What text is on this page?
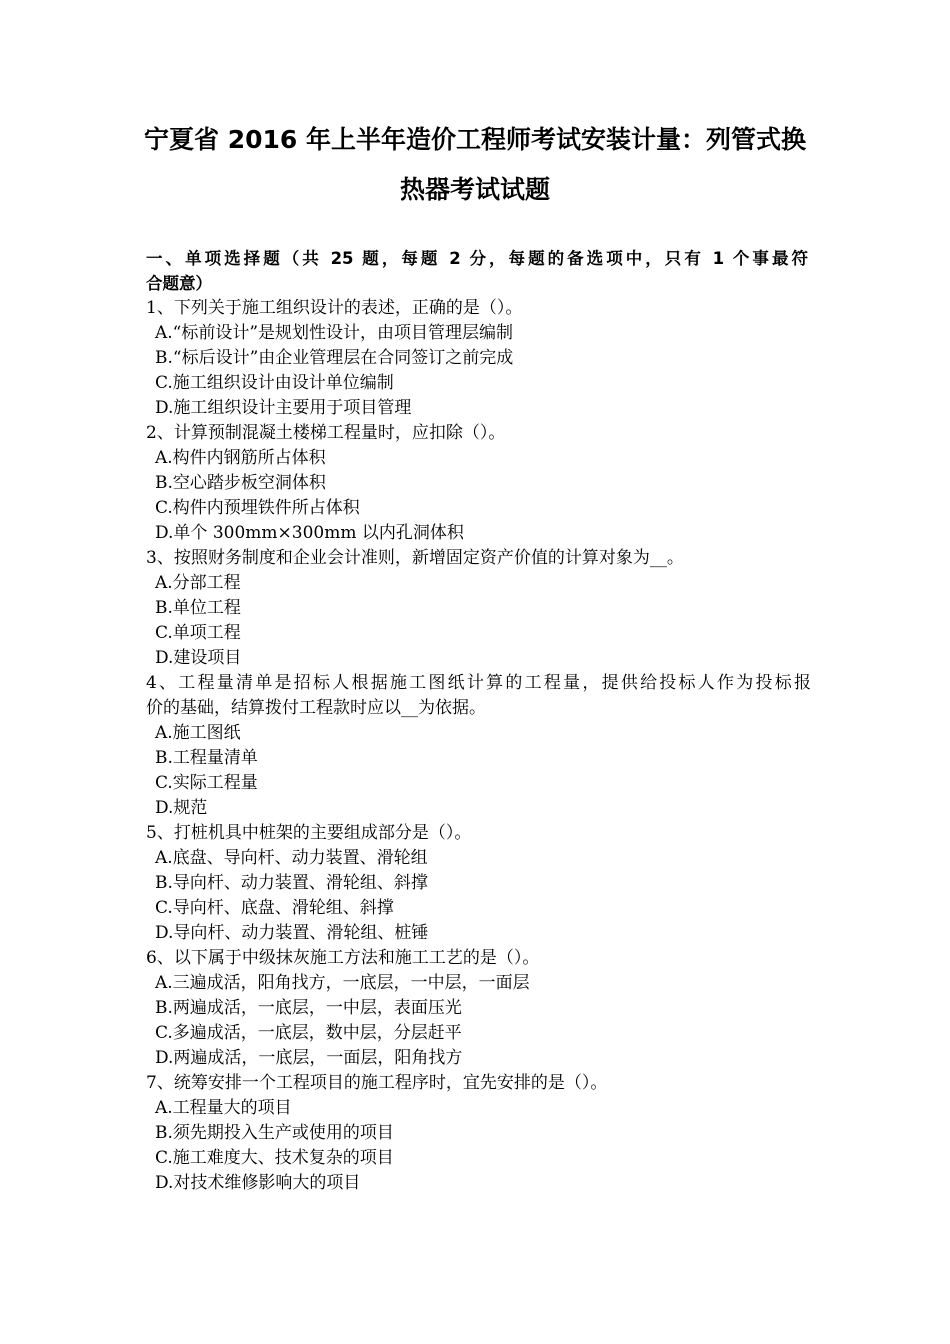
宁夏省 2016 年上半年造价工程师考试安装计量：列管式换
热器考试试题
一、单项选择题（共 25 题，每题 2 分，每题的备选项中，只有 1 个事最符
合题意）
1、下列关于施工组织设计的表述，正确的是（）。
A.“标前设计”是规划性设计，由项目管理层编制
B.“标后设计”由企业管理层在合同签订之前完成
C.施工组织设计由设计单位编制
D.施工组织设计主要用于项目管理
2、计算预制混凝土楼梯工程量时，应扣除（）。
A.构件内钢筋所占体积
B.空心踏步板空洞体积
C.构件内预埋铁件所占体积
D.单个 300mm×300mm 以内孔洞体积
3、按照财务制度和企业会计准则，新增固定资产价值的计算对象为__。
A.分部工程
B.单位工程
C.单项工程
D.建设项目
4、工程量清单是招标人根据施工图纸计算的工程量，提供给投标人作为投标报
价的基础，结算拨付工程款时应以__为依据。
A.施工图纸
B.工程量清单
C.实际工程量
D.规范
5、打桩机具中桩架的主要组成部分是（）。
A.底盘、导向杆、动力装置、滑轮组
B.导向杆、动力装置、滑轮组、斜撑
C.导向杆、底盘、滑轮组、斜撑
D.导向杆、动力装置、滑轮组、桩锤
6、以下属于中级抹灰施工方法和施工工艺的是（）。
A.三遍成活，阳角找方，一底层，一中层，一面层
B.两遍成活，一底层，一中层，表面压光
C.多遍成活，一底层，数中层，分层赶平
D.两遍成活，一底层，一面层，阳角找方
7、统筹安排一个工程项目的施工程序时，宜先安排的是（）。
A.工程量大的项目
B.须先期投入生产或使用的项目
C.施工难度大、技术复杂的项目
D.对技术维修影响大的项目
